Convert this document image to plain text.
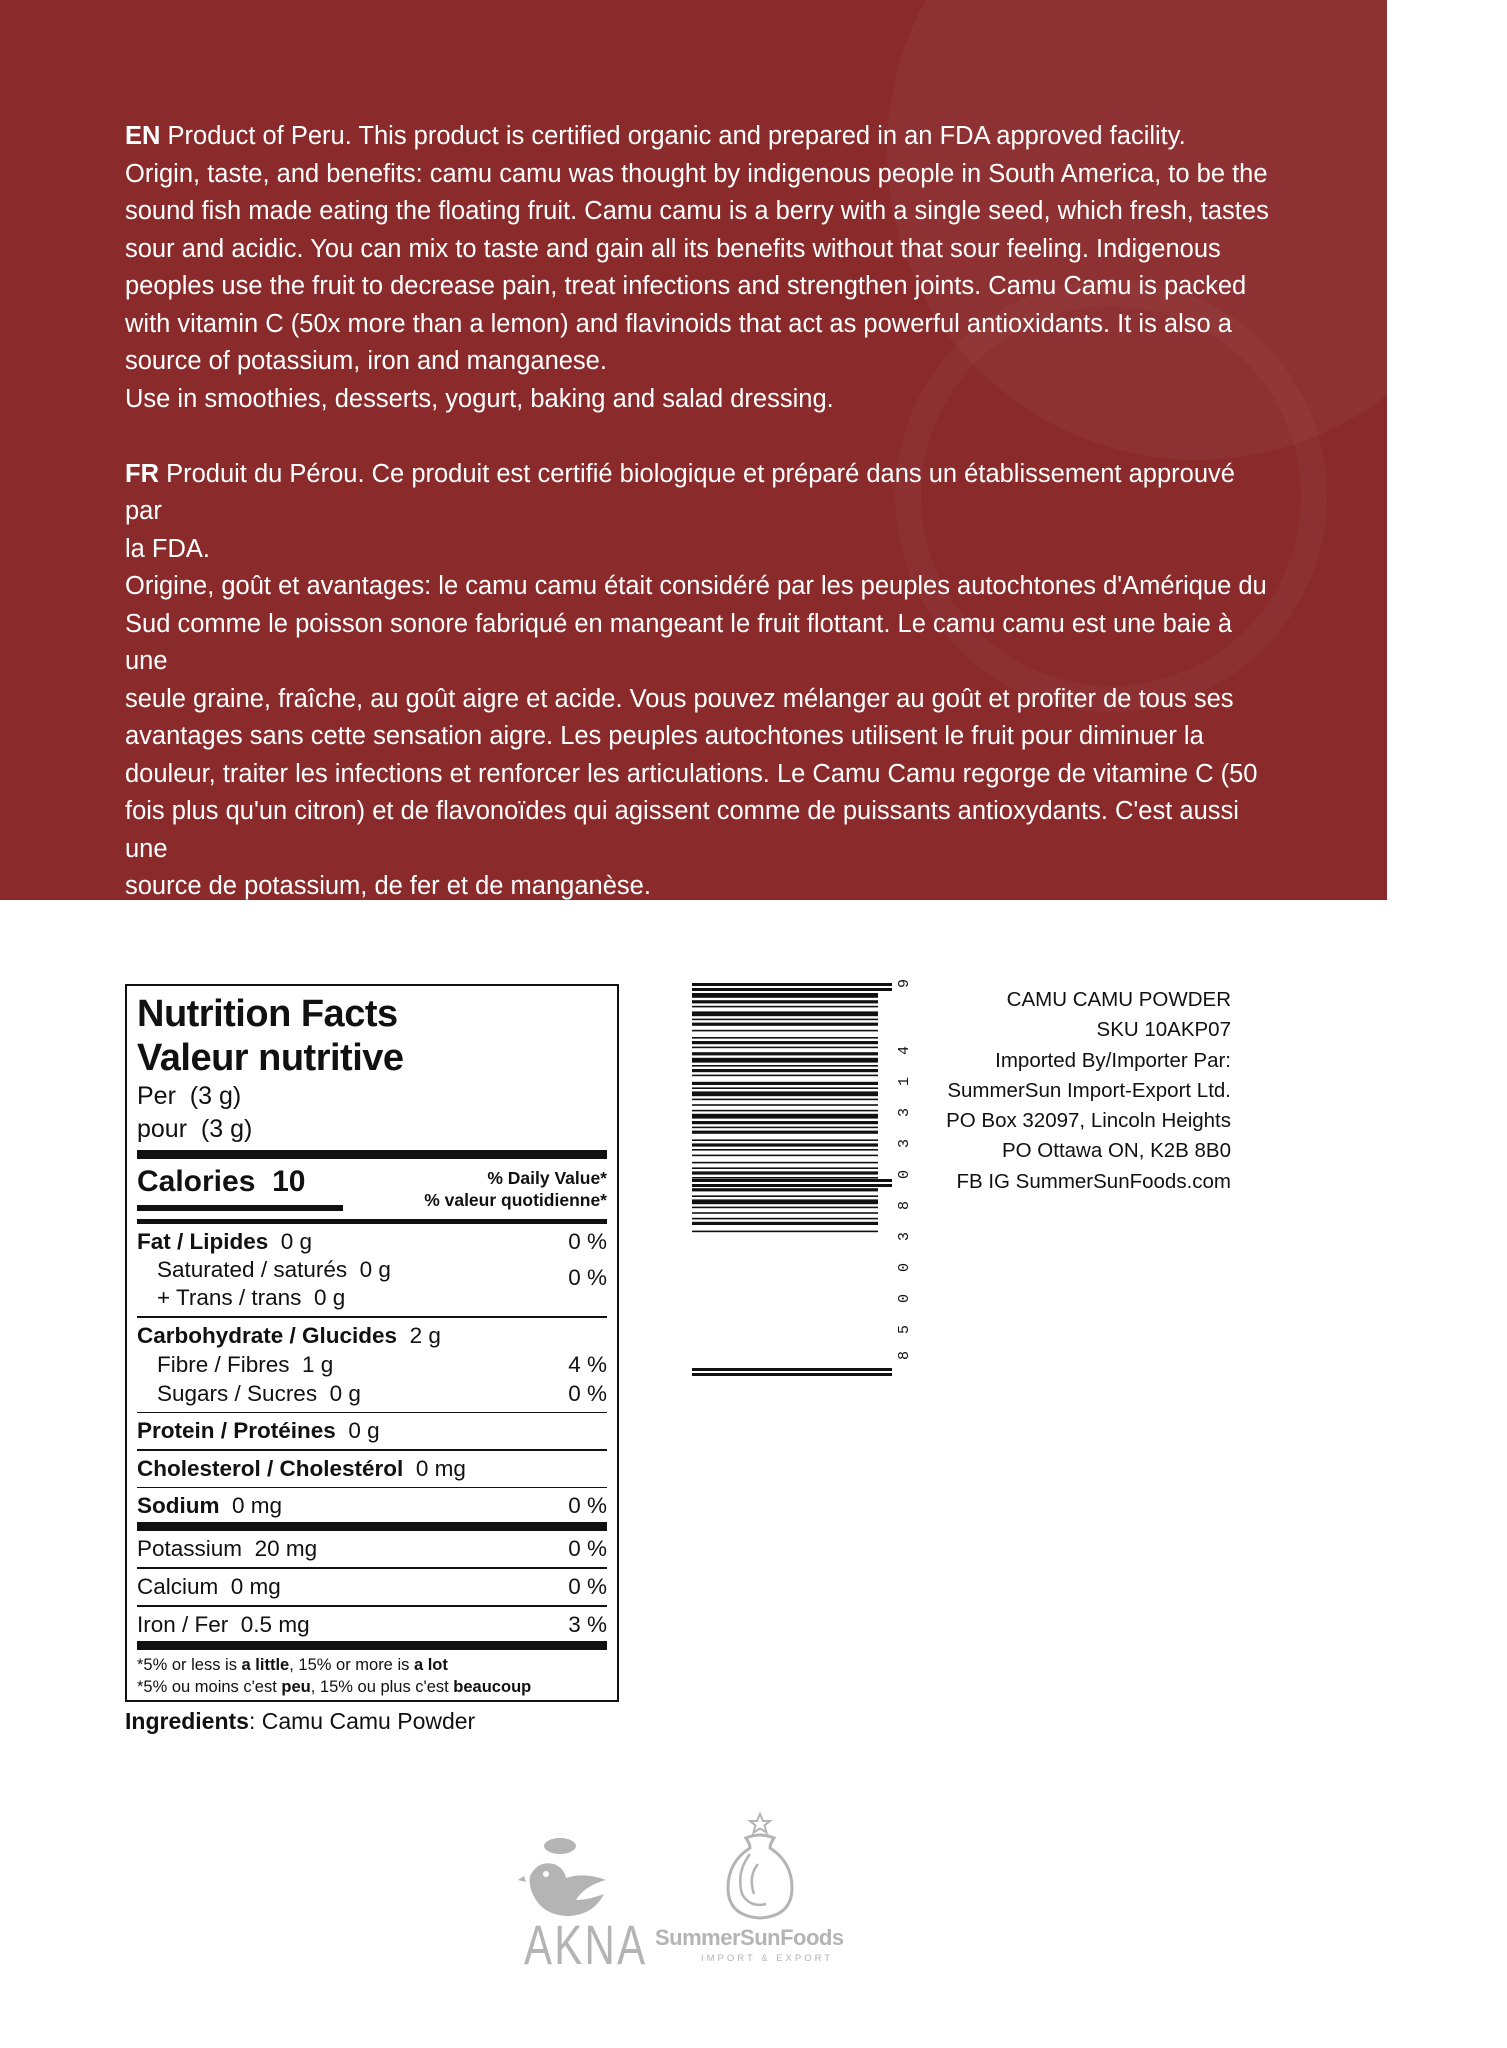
EN Product of Peru. This product is certified organic and prepared in an FDA approved facility.

Origin, taste, and benefits: camu camu was thought by indigenous people in South America, to be the

sound fish made eating the floating fruit. Camu camu is a berry with a single seed, which fresh, tastes

sour and acidic. You can mix to taste and gain all its benefits without that sour feeling. Indigenous

peoples use the fruit to decrease pain, treat infections and strengthen joints. Camu Camu is packed

with vitamin C (50x more than a lemon) and flavinoids that act as powerful antioxidants. It is also a

source of potassium, iron and manganese.

Use in smoothies, desserts, yogurt, baking and salad dressing.

FR Produit du Pérou. Ce produit est certifié biologique et préparé dans un établissement approuvé par

la FDA.

Origine, goût et avantages: le camu camu était considéré par les peuples autochtones d'Amérique du

Sud comme le poisson sonore fabriqué en mangeant le fruit flottant. Le camu camu est une baie à une

seule graine, fraîche, au goût aigre et acide. Vous pouvez mélanger au goût et profiter de tous ses

avantages sans cette sensation aigre. Les peuples autochtones utilisent le fruit pour diminuer la

douleur, traiter les infections et renforcer les articulations. Le Camu Camu regorge de vitamine C (50

fois plus qu'un citron) et de flavonoïdes qui agissent comme de puissants antioxydants. C'est aussi une

source de potassium, de fer et de manganèse.

Utiliser dans les smoothies, les desserts, les yaourts, les pâtisseries et les vinaigrettes.

Nutrition Facts
Valeur nutritive
Per  (3 g)
pour  (3 g)
Calories 10	% Daily Value*
% valeur quotidienne*
Fat / Lipides 0 g	0 %
Saturated / saturés 0 g	0 %
+ Trans / trans 0 g
Carbohydrate / Glucides 2 g
Fibre / Fibres 1 g	4 %
Sugars / Sucres 0 g	0 %
Protein / Protéines 0 g
Cholesterol / Cholestérol 0 mg
Sodium 0 mg	0 %
Potassium 20 mg	0 %
Calcium 0 mg	0 %
Iron / Fer 0.5 mg	3 %
*5% or less is a little, 15% or more is a lot
*5% ou moins c'est peu, 15% ou plus c'est beaucoup
Ingredients: Camu Camu Powder
8
5
0
0
3
8
0
3
3
1
4
9
CAMU CAMU POWDER
SKU 10AKP07
Imported By/Importer Par:
SummerSun Import-Export Ltd.
PO Box 32097, Lincoln Heights
PO Ottawa ON, K2B 8B0
FB IG SummerSunFoods.com
AKNA SummerSunFoods
IMPORT & EXPORT
